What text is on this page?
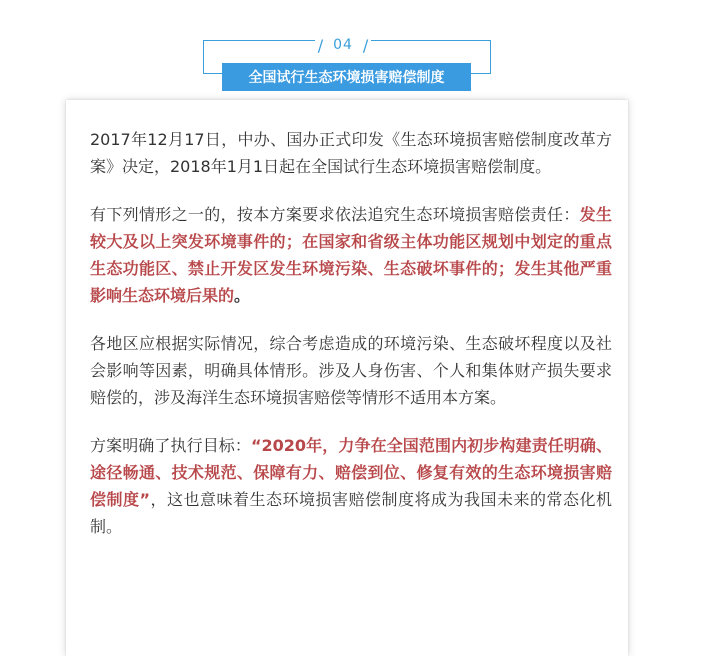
/ 04 /
全国试行生态环境损害赔偿制度

2017年12月17日，中办、国办正式印发《生态环境损害赔偿制度改革方案》决定，2018年1月1日起在全国试行生态环境损害赔偿制度。

有下列情形之一的，按本方案要求依法追究生态环境损害赔偿责任：发生较大及以上突发环境事件的；在国家和省级主体功能区规划中划定的重点生态功能区、禁止开发区发生环境污染、生态破坏事件的；发生其他严重影响生态环境后果的。

各地区应根据实际情况，综合考虑造成的环境污染、生态破坏程度以及社会影响等因素，明确具体情形。涉及人身伤害、个人和集体财产损失要求赔偿的，涉及海洋生态环境损害赔偿等情形不适用本方案。

方案明确了执行目标：“2020年，力争在全国范围内初步构建责任明确、途径畅通、技术规范、保障有力、赔偿到位、修复有效的生态环境损害赔偿制度”，这也意味着生态环境损害赔偿制度将成为我国未来的常态化机制。
